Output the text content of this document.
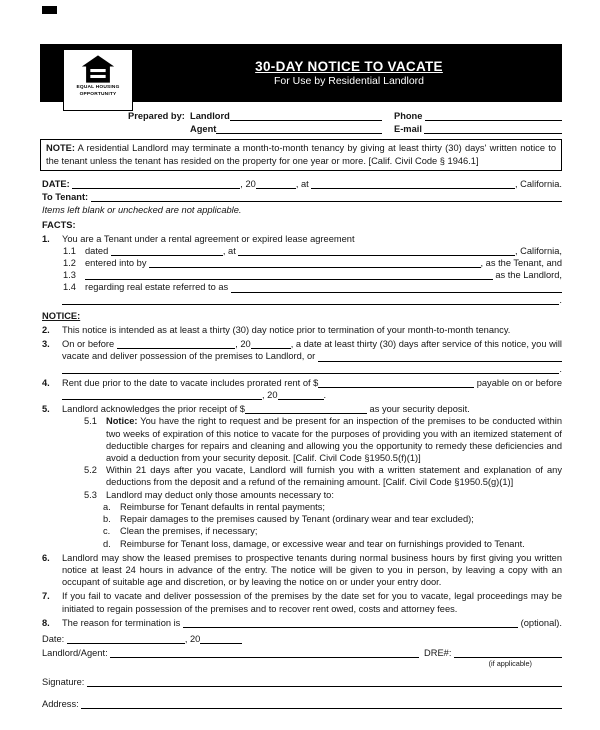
EQUAL HOUSING
OPPORTUNITY
30-DAY NOTICE TO VACATE
For Use by Residential Landlord
Prepared by: Landlord	Phone
Agent	E-mail
NOTE: A residential Landlord may terminate a month-to-month tenancy by giving at least thirty (30) days' written notice to the tenant unless the tenant has resided on the property for one year or more. [Calif. Civil Code § 1946.1]
DATE:	, 20	, at	, California.
To Tenant:
Items left blank or unchecked are not applicable.
FACTS:
1. You are a Tenant under a rental agreement or expired lease agreement
1.1 dated	, at	, California,
1.2 entered into by	, as the Tenant, and
1.3	as the Landlord,
1.4 regarding real estate referred to as
.
NOTICE:
2. This notice is intended as at least a thirty (30) day notice prior to termination of your month-to-month tenancy.
3. On or before	, 20	, a date at least thirty (30) days after service of this notice, you will
vacate and deliver possession of the premises to Landlord, or
.
4. Rent due prior to the date to vacate includes prorated rent of $	payable on or before
, 20	.
5. Landlord acknowledges the prior receipt of $	as your security deposit.
5.1 Notice: You have the right to request and be present for an inspection of the premises to be conducted within two weeks of expiration of this notice to vacate for the purposes of providing you with an itemized statement of deductible charges for repairs and cleaning and allowing you the opportunity to remedy these deficiencies and avoid a deduction from your security deposit. [Calif. Civil Code §1950.5(f)(1)]
5.2 Within 21 days after you vacate, Landlord will furnish you with a written statement and explanation of any deductions from the deposit and a refund of the remaining amount. [Calif. Civil Code §1950.5(g)(1)]
5.3 Landlord may deduct only those amounts necessary to:
a. Reimburse for Tenant defaults in rental payments;
b. Repair damages to the premises caused by Tenant (ordinary wear and tear excluded);
c. Clean the premises, if necessary;
d. Reimburse for Tenant loss, damage, or excessive wear and tear on furnishings provided to Tenant.
6. Landlord may show the leased premises to prospective tenants during normal business hours by first giving you written notice at least 24 hours in advance of the entry. The notice will be given to you in person, by leaving a copy with an occupant of suitable age and discretion, or by leaving the notice on or under your entry door.
7. If you fail to vacate and deliver possession of the premises by the date set for you to vacate, legal proceedings may be initiated to regain possession of the premises and to recover rent owed, costs and attorney fees.
8. The reason for termination is	(optional).
Date:	, 20
Landlord/Agent:	DRE#:
(if applicable)
Signature:
Address:
